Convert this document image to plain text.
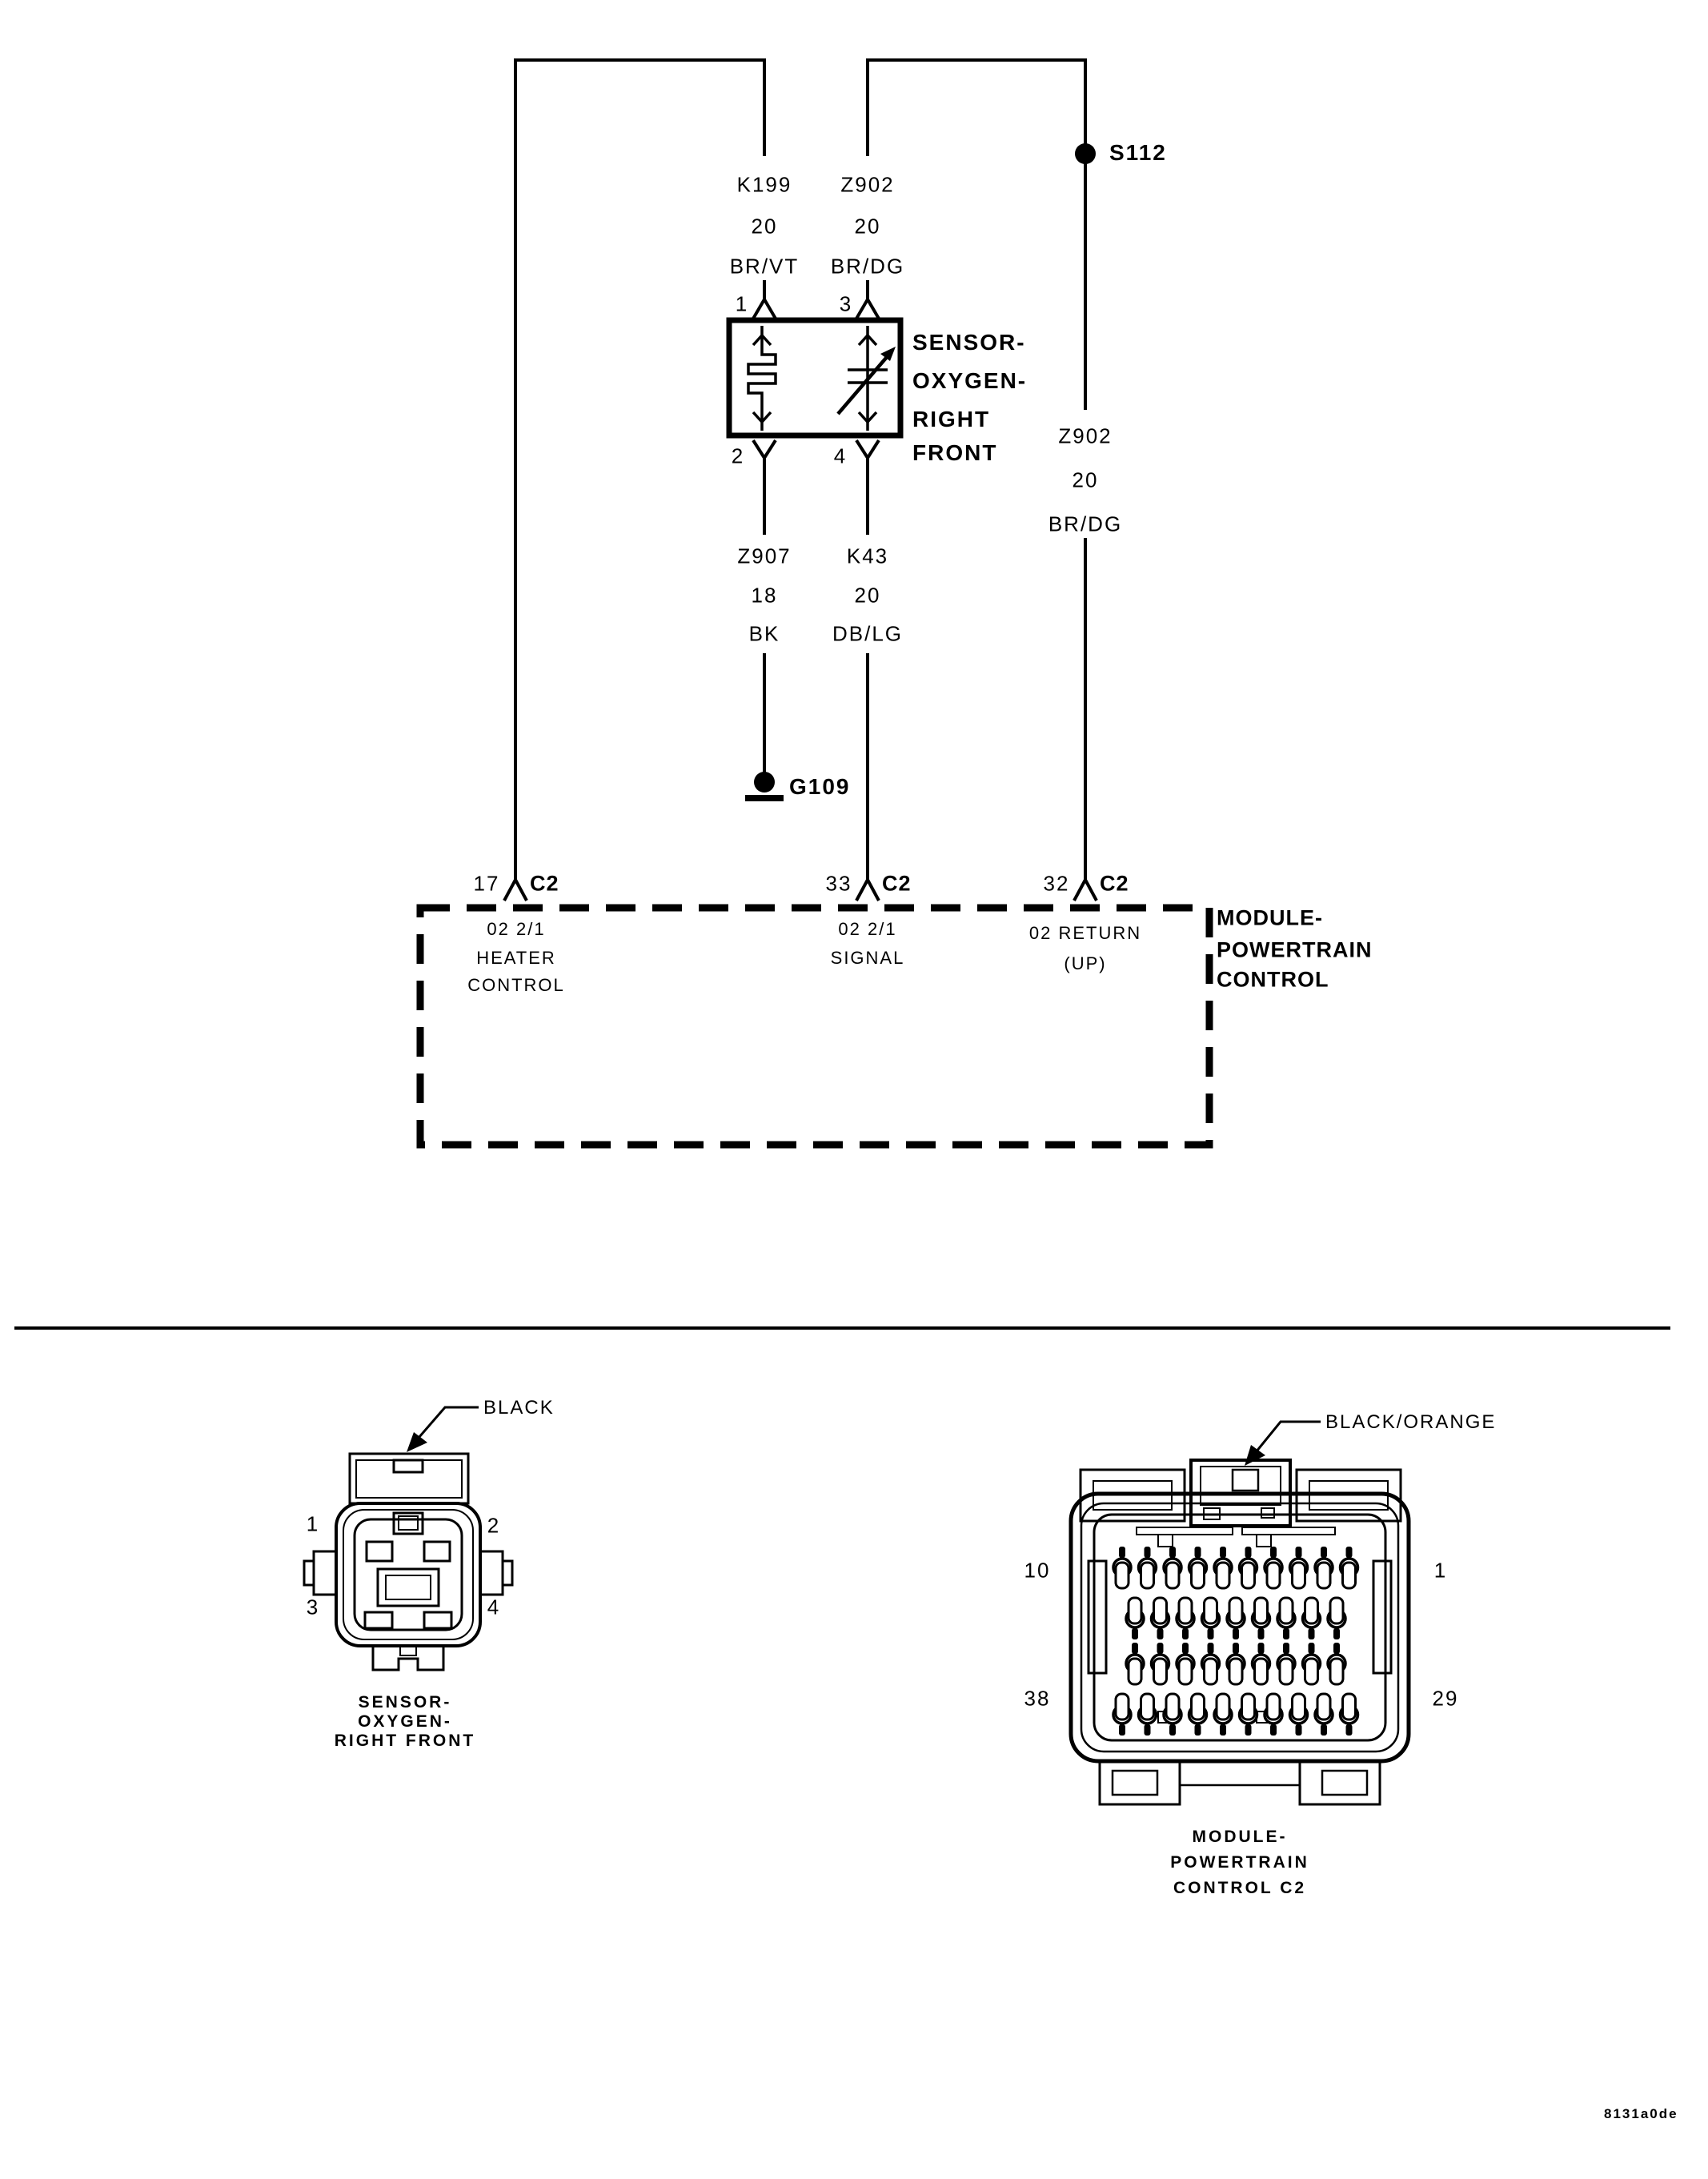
K199
20
BR/VT
Z902
20
BR/DG
S112
1	3
2	4
SENSOR-
OXYGEN-
RIGHT
FRONT
Z907
18
BK
K43
20
DB/LG
G109
Z902
20
BR/DG
17 C2	33 C2	32 C2
02 2/1
HEATER
CONTROL
02 2/1
SIGNAL
02 RETURN
(UP)
MODULE-
POWERTRAIN
CONTROL
BLACK
1	2
3	4
SENSOR-
OXYGEN-
RIGHT FRONT
BLACK/ORANGE
10	1
38	29
MODULE-
POWERTRAIN
CONTROL C2
8131a0de
